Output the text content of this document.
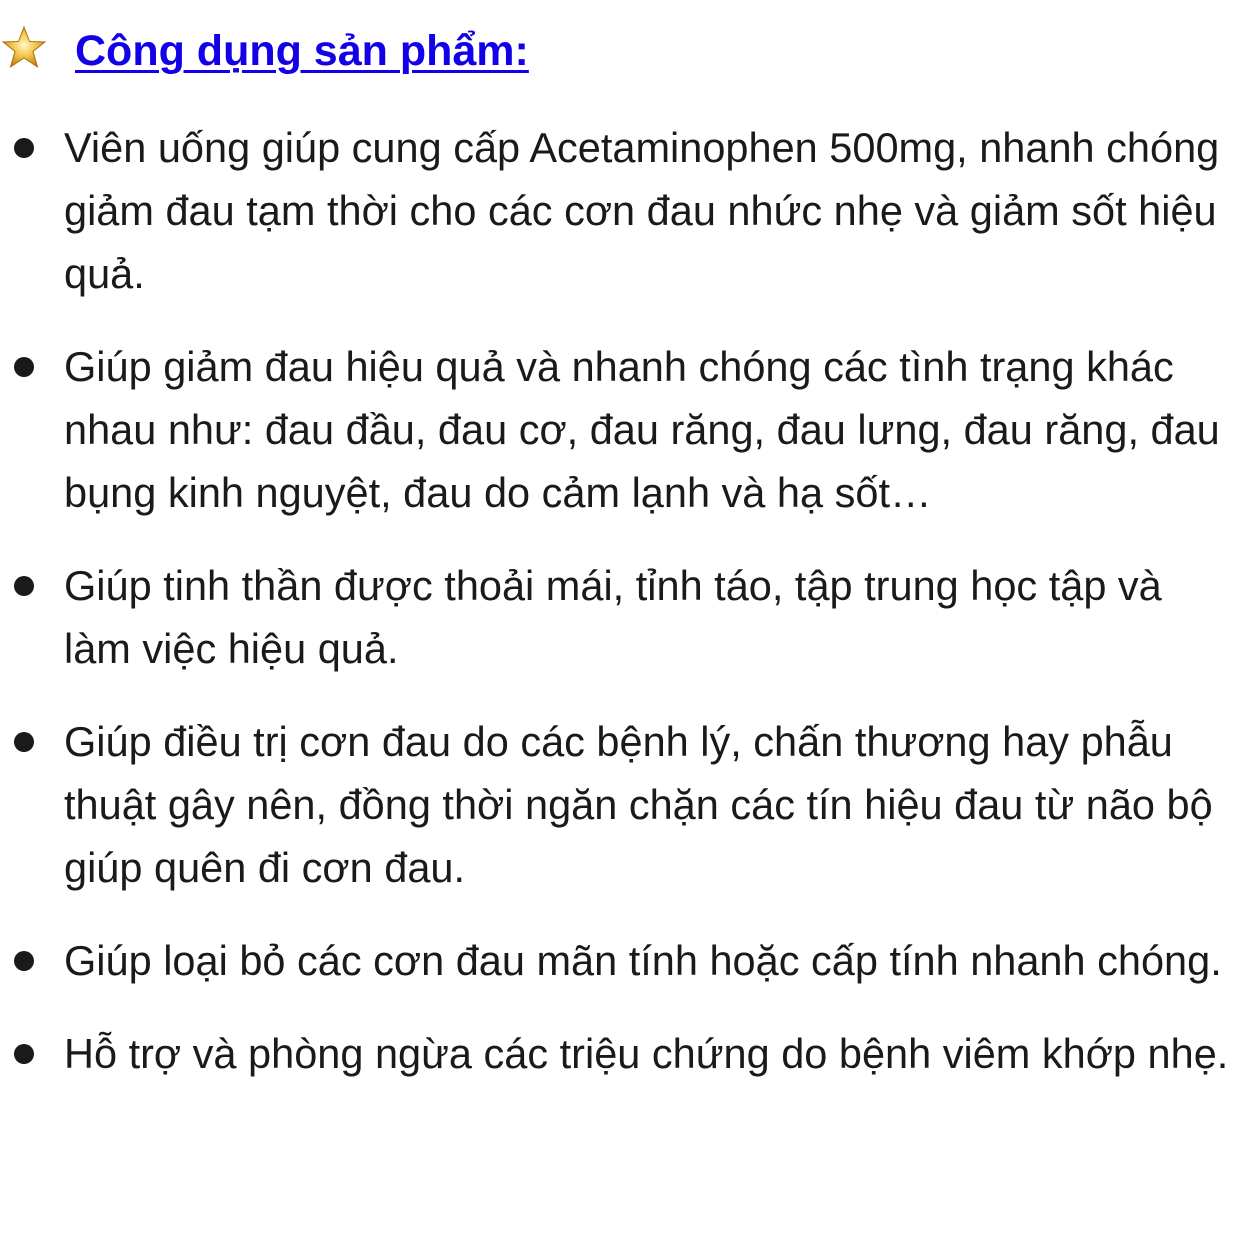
Công dụng sản phẩm:
Viên uống giúp cung cấp Acetaminophen 500mg, nhanh chóng giảm đau tạm thời cho các cơn đau nhức nhẹ và giảm sốt hiệu quả.
Giúp giảm đau hiệu quả và nhanh chóng các tình trạng khác nhau như: đau đầu, đau cơ, đau răng, đau lưng, đau răng, đau bụng kinh nguyệt, đau do cảm lạnh và hạ sốt…
Giúp tinh thần được thoải mái, tỉnh táo, tập trung học tập và làm việc hiệu quả.
Giúp điều trị cơn đau do các bệnh lý, chấn thương hay phẫu thuật gây nên, đồng thời ngăn chặn các tín hiệu đau từ não bộ giúp quên đi cơn đau.
Giúp loại bỏ các cơn đau mãn tính hoặc cấp tính nhanh chóng.
Hỗ trợ và phòng ngừa các triệu chứng do bệnh viêm khớp nhẹ.
